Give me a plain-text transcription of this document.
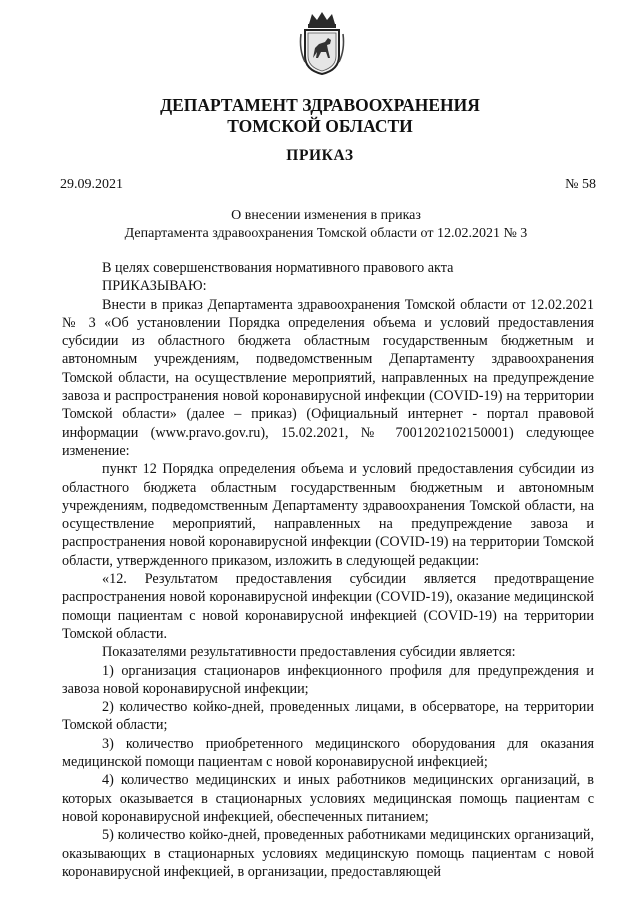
ДЕПАРТАМЕНТ ЗДРАВООХРАНЕНИЯ
ТОМСКОЙ ОБЛАСТИ
ПРИКАЗ
29.09.2021	№ 58
О внесении изменения в приказ
Департамента здравоохранения Томской области от 12.02.2021 № 3

В целях совершенствования нормативного правового акта

ПРИКАЗЫВАЮ:

Внести в приказ Департамента здравоохранения Томской области от 12.02.2021 № 3 «Об установлении Порядка определения объема и условий предоставления субсидии из областного бюджета областным государственным бюджетным и автономным учреждениям, подведомственным Департаменту здравоохранения Томской области, на осуществление мероприятий, направленных на предупреждение завоза и распространения новой коронавирусной инфекции (COVID-19) на территории Томской области» (далее – приказ) (Официальный интернет - портал правовой информации (www.pravo.gov.ru), 15.02.2021, № 7001202102150001) следующее изменение:

пункт 12 Порядка определения объема и условий предоставления субсидии из областного бюджета областным государственным бюджетным и автономным учреждениям, подведомственным Департаменту здравоохранения Томской области, на осуществление мероприятий, направленных на предупреждение завоза и распространения новой коронавирусной инфекции (COVID-19) на территории Томской области, утвержденного приказом, изложить в следующей редакции:

«12. Результатом предоставления субсидии является предотвращение распространения новой коронавирусной инфекции (COVID-19), оказание медицинской помощи пациентам с новой коронавирусной инфекцией (COVID-19) на территории Томской области.

Показателями результативности предоставления субсидии является:

1) организация стационаров инфекционного профиля для предупреждения и завоза новой коронавирусной инфекции;

2) количество койко-дней, проведенных лицами, в обсерваторе, на территории Томской области;

3) количество приобретенного медицинского оборудования для оказания медицинской помощи пациентам с новой коронавирусной инфекцией;

4) количество медицинских и иных работников медицинских организаций, в которых оказывается в стационарных условиях медицинская помощь пациентам с новой коронавирусной инфекцией, обеспеченных питанием;

5) количество койко-дней, проведенных работниками медицинских организаций, оказывающих в стационарных условиях медицинскую помощь пациентам с новой коронавирусной инфекцией, в организации, предоставляющей
